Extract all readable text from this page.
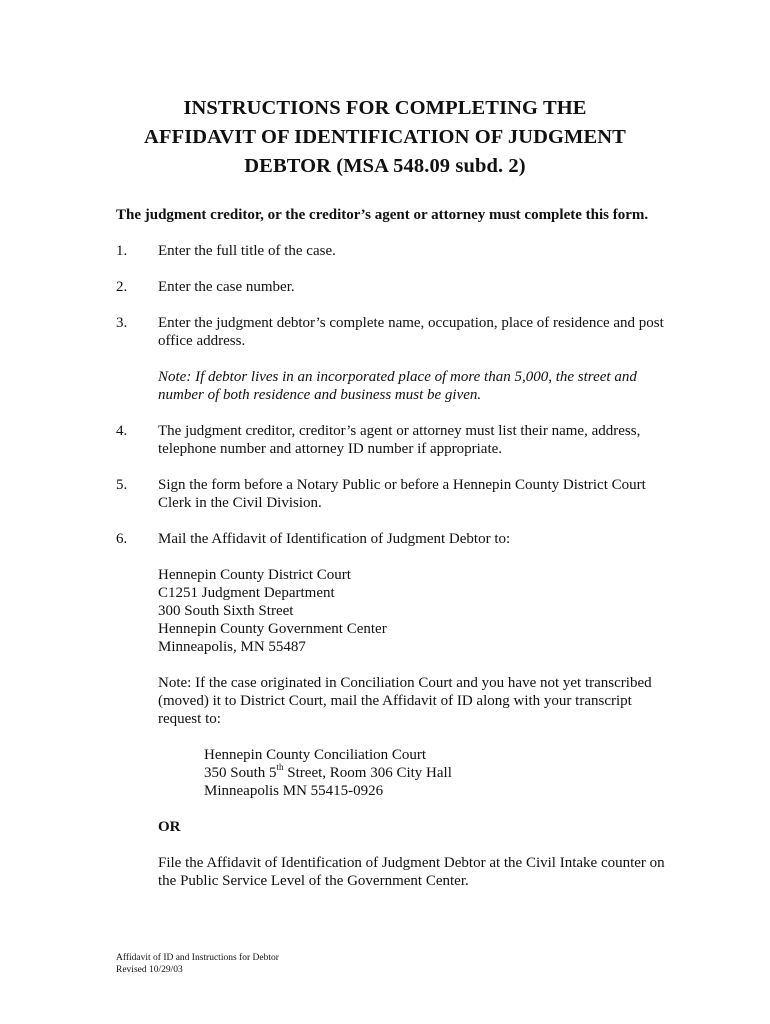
INSTRUCTIONS FOR COMPLETING THE
AFFIDAVIT OF IDENTIFICATION OF JUDGMENT
DEBTOR (MSA 548.09 subd. 2)
The judgment creditor, or the creditor’s agent or attorney must complete this form.
1. Enter the full title of the case.
2. Enter the case number.
3. Enter the judgment debtor’s complete name, occupation, place of residence and post office address.
Note: If debtor lives in an incorporated place of more than 5,000, the street and number of both residence and business must be given.
4. The judgment creditor, creditor’s agent or attorney must list their name, address, telephone number and attorney ID number if appropriate.
5. Sign the form before a Notary Public or before a Hennepin County District Court Clerk in the Civil Division.
6. Mail the Affidavit of Identification of Judgment Debtor to:
Hennepin County District Court
C1251 Judgment Department
300 South Sixth Street
Hennepin County Government Center
Minneapolis, MN 55487
Note: If the case originated in Conciliation Court and you have not yet transcribed (moved) it to District Court, mail the Affidavit of ID along with your transcript request to:
Hennepin County Conciliation Court
350 South 5th Street, Room 306 City Hall
Minneapolis MN 55415-0926
OR
File the Affidavit of Identification of Judgment Debtor at the Civil Intake counter on the Public Service Level of the Government Center.
Affidavit of ID and Instructions for Debtor
Revised 10/29/03
